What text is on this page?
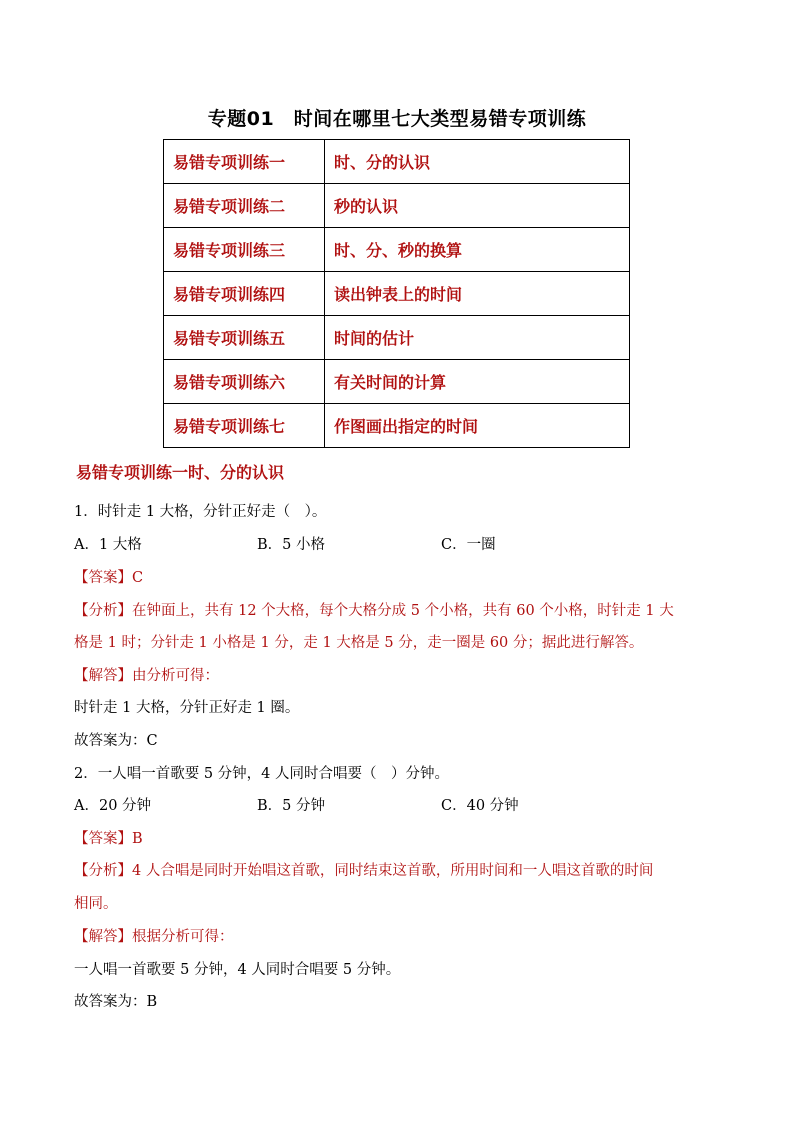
专题01　时间在哪里七大类型易错专项训练
易错专项训练一	时、分的认识
易错专项训练二	秒的认识
易错专项训练三	时、分、秒的换算
易错专项训练四	读出钟表上的时间
易错专项训练五	时间的估计
易错专项训练六	有关时间的计算
易错专项训练七	作图画出指定的时间
易错专项训练一时、分的认识
1．时针走 1 大格，分针正好走（　）。
A．1 大格	B．5 小格	C．一圈
【答案】C
【分析】在钟面上，共有 12 个大格，每个大格分成 5 个小格，共有 60 个小格，时针走 1 大
格是 1 时；分针走 1 小格是 1 分，走 1 大格是 5 分，走一圈是 60 分；据此进行解答。
【解答】由分析可得：
时针走 1 大格，分针正好走 1 圈。
故答案为：C
2．一人唱一首歌要 5 分钟，4 人同时合唱要（　）分钟。
A．20 分钟	B．5 分钟	C．40 分钟
【答案】B
【分析】4 人合唱是同时开始唱这首歌，同时结束这首歌，所用时间和一人唱这首歌的时间
相同。
【解答】根据分析可得：
一人唱一首歌要 5 分钟，4 人同时合唱要 5 分钟。
故答案为：B
